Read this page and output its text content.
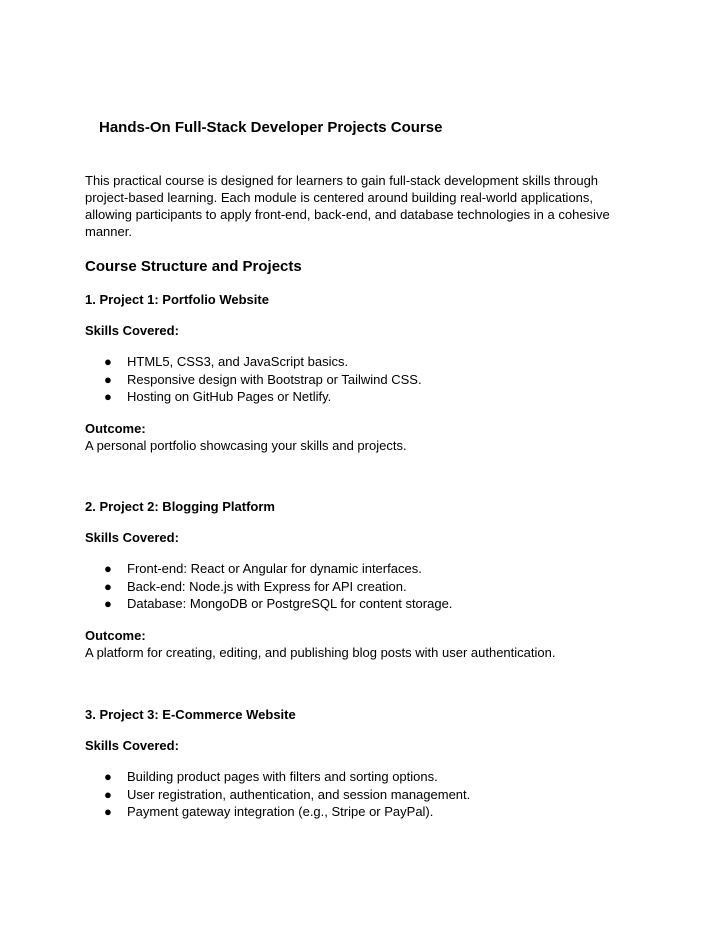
Hands-On Full-Stack Developer Projects Course

This practical course is designed for learners to gain full-stack development skills through project-based learning. Each module is centered around building real-world applications, allowing participants to apply front-end, back-end, and database technologies in a cohesive manner.

Course Structure and Projects

1. Project 1: Portfolio Website

Skills Covered:

● HTML5, CSS3, and JavaScript basics.
● Responsive design with Bootstrap or Tailwind CSS.
● Hosting on GitHub Pages or Netlify.

Outcome:

A personal portfolio showcasing your skills and projects.

2. Project 2: Blogging Platform

Skills Covered:

● Front-end: React or Angular for dynamic interfaces.
● Back-end: Node.js with Express for API creation.
● Database: MongoDB or PostgreSQL for content storage.

Outcome:

A platform for creating, editing, and publishing blog posts with user authentication.

3. Project 3: E-Commerce Website

Skills Covered:

● Building product pages with filters and sorting options.
● User registration, authentication, and session management.
● Payment gateway integration (e.g., Stripe or PayPal).
